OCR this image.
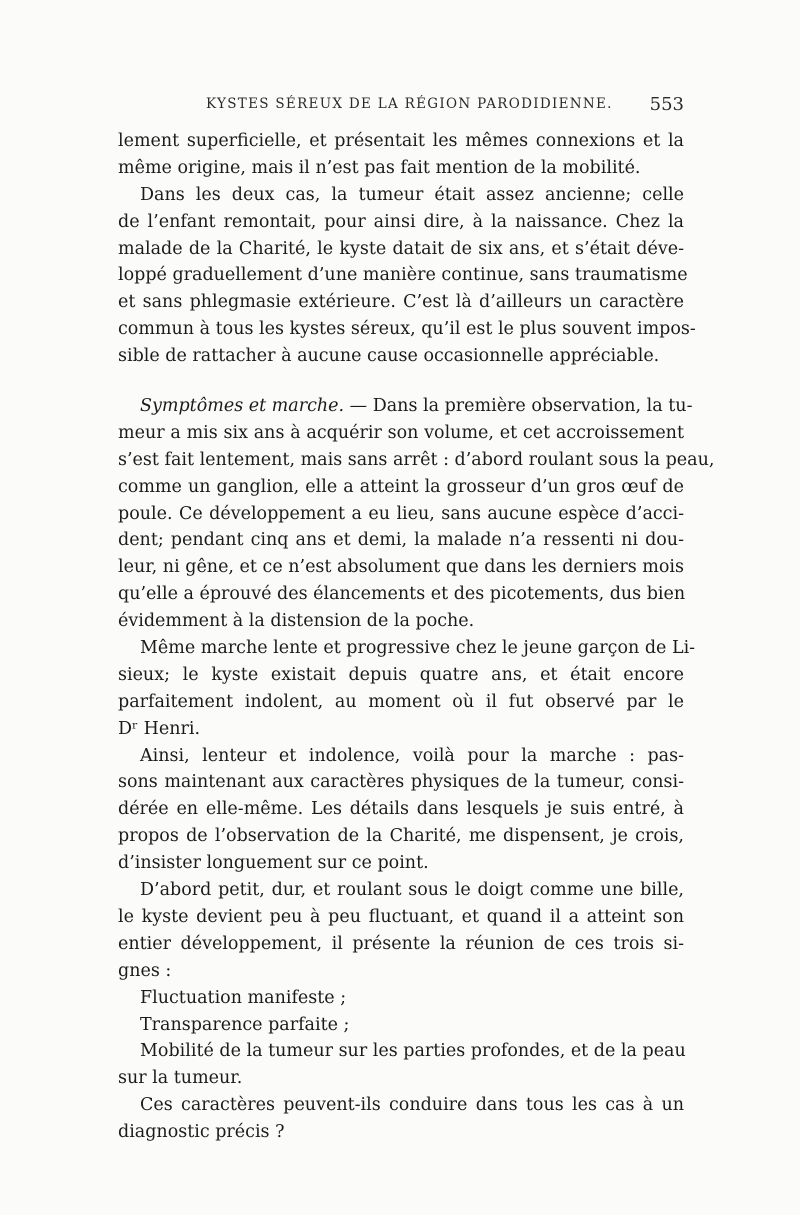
KYSTES SÉREUX DE LA RÉGION PARODIDIENNE. 553
lement superficielle, et présentait les mêmes connexions et la
même origine, mais il n’est pas fait mention de la mobilité.
Dans les deux cas, la tumeur était assez ancienne; celle
de l’enfant remontait, pour ainsi dire, à la naissance. Chez la
malade de la Charité, le kyste datait de six ans, et s’était déve-
loppé graduellement d’une manière continue, sans traumatisme
et sans phlegmasie extérieure. C’est là d’ailleurs un caractère
commun à tous les kystes séreux, qu’il est le plus souvent impos-
sible de rattacher à aucune cause occasionnelle appréciable.
Symptômes et marche. — Dans la première observation, la tu-
meur a mis six ans à acquérir son volume, et cet accroissement
s’est fait lentement, mais sans arrêt : d’abord roulant sous la peau,
comme un ganglion, elle a atteint la grosseur d’un gros œuf de
poule. Ce développement a eu lieu, sans aucune espèce d’acci-
dent; pendant cinq ans et demi, la malade n’a ressenti ni dou-
leur, ni gêne, et ce n’est absolument que dans les derniers mois
qu’elle a éprouvé des élancements et des picotements, dus bien
évidemment à la distension de la poche.
Même marche lente et progressive chez le jeune garçon de Li-
sieux; le kyste existait depuis quatre ans, et était encore
parfaitement indolent, au moment où il fut observé par le
Dʳ Henri.
Ainsi, lenteur et indolence, voilà pour la marche : pas-
sons maintenant aux caractères physiques de la tumeur, consi-
dérée en elle-même. Les détails dans lesquels je suis entré, à
propos de l’observation de la Charité, me dispensent, je crois,
d’insister longuement sur ce point.
D’abord petit, dur, et roulant sous le doigt comme une bille,
le kyste devient peu à peu fluctuant, et quand il a atteint son
entier développement, il présente la réunion de ces trois si-
gnes :
Fluctuation manifeste ;
Transparence parfaite ;
Mobilité de la tumeur sur les parties profondes, et de la peau
sur la tumeur.
Ces caractères peuvent-ils conduire dans tous les cas à un
diagnostic précis ?
